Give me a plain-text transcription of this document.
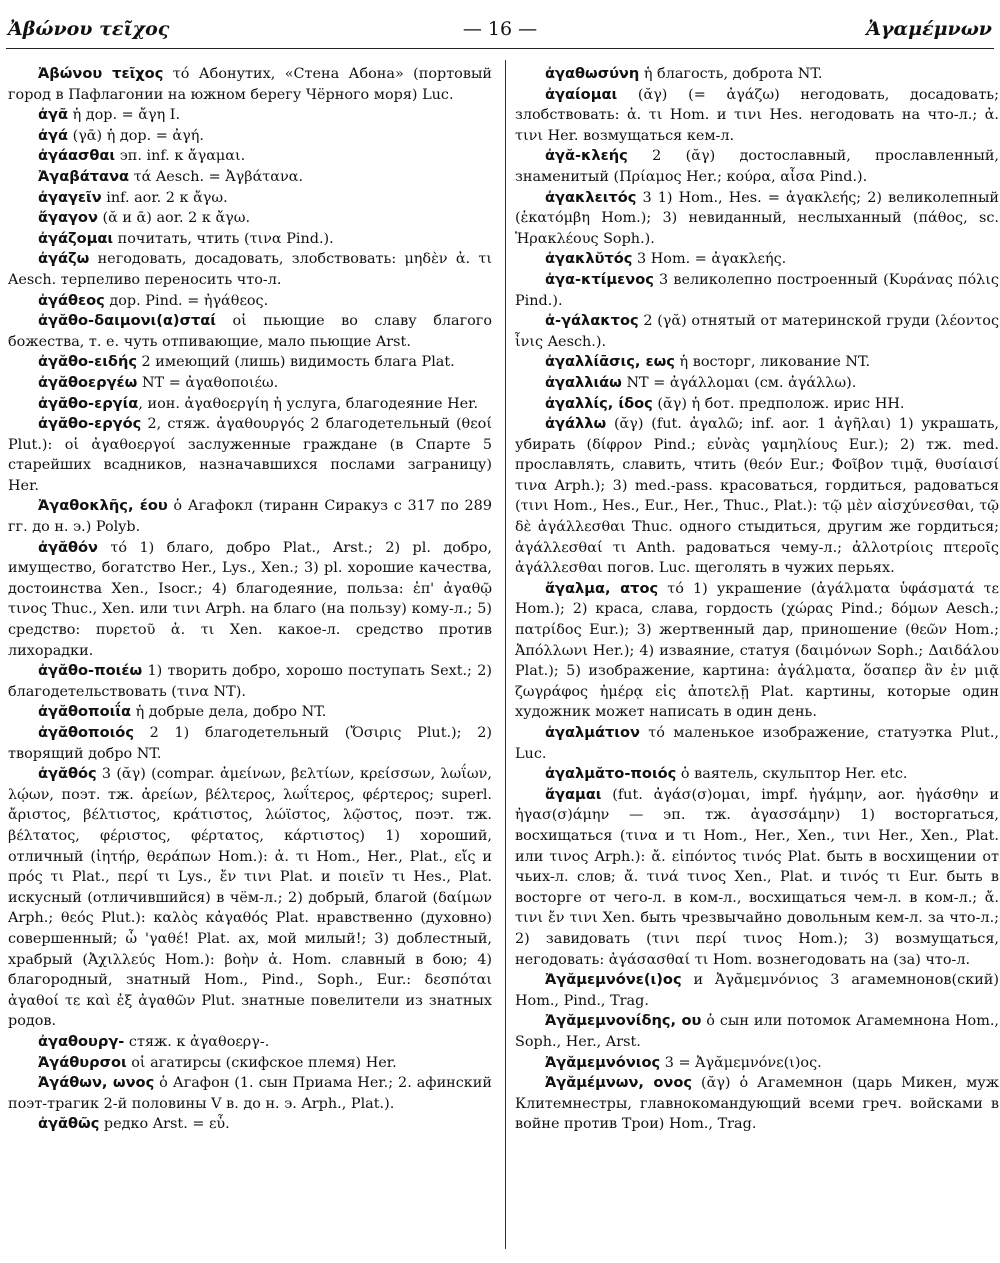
Ἀβώνου τεῖχος	— 16 —	Ἀγαμέμνων

Ἀβώνου τεῖχος τό Абонутих, «Стена Абона» (портовый город в Пафлагонии на южном берегу Чёрного моря) Luc.

ἀγᾶ ἡ дор. = ἄγη I.

ἀγά (γᾱ) ἡ дор. = ἀγή.

ἀγάασθαι эп. inf. к ἄγαμαι.

Ἀγαβάτανα τά Aesch. = Ἀγβάτανα.

ἀγαγεῖν inf. aor. 2 к ἄγω.

ἄγαγον (ᾰ и ᾱ) aor. 2 к ἄγω.

ἀγάζομαι почитать, чтить (τινα Pind.).

ἀγάζω негодовать, досадовать, злобствовать: μηδὲν ἀ. τι Aesch. терпеливо переносить что-л.

ἀγάθεος дор. Pind. = ἠγάθεος.

ἀγᾰθο-δαιμονι(α)σταί οἱ пьющие во славу благого божества, т. е. чуть отпивающие, мало пьющие Arst.

ἀγᾰθο-ειδής 2 имеющий (лишь) видимость блага Plat.

ἀγᾰθοεργέω NT = ἀγαθοποιέω.

ἀγᾰθο-εργία, ион. ἀγαθοεργίη ἡ услуга, благодеяние Her.

ἀγᾰθο-εργός 2, стяж. ἀγαθουργός 2 благодетельный (θεοί Plut.): οἱ ἀγαθοεργοί заслуженные граждане (в Спарте 5 старейших всадников, назначавшихся послами заграницу) Her.

Ἀγαθοκλῆς, έου ὁ Агафокл (тиранн Сиракуз с 317 по 289 гг. до н. э.) Polyb.

ἀγᾰθόν τό 1) благо, добро Plat., Arst.; 2) pl. добро, имущество, богатство Her., Lys., Xen.; 3) pl. хорошие качества, достоинства Xen., Isocr.; 4) благодеяние, польза: ἐπ' ἀγαθῷ τινος Thuc., Xen. или τινι Arph. на благо (на пользу) кому-л.; 5) средство: πυρετοῦ ἀ. τι Xen. какое-л. средство против лихорадки.

ἀγᾰθο-ποιέω 1) творить добро, хорошо поступать Sext.; 2) благодетельствовать (τινα NT).

ἀγᾰθοποιΐα ἡ добрые дела, добро NT.

ἀγᾰθοποιός 2 1) благодетельный (Ὄσιρις Plut.); 2) творящий добро NT.

ἀγᾰθός 3 (ᾰγ) (compar. ἀμείνων, βελτίων, κρείσσων, λωΐων, λῴων, поэт. тж. ἀρείων, βέλτερος, λωΐτερος, φέρτερος; superl. ἄριστος, βέλτιστος, κράτιστος, λώϊστος, λῷστος, поэт. тж. βέλτατος, φέριστος, φέρτατος, κάρτιστος) 1) хороший, отличный (ἰητήρ, θεράπων Hom.): ἀ. τι Hom., Her., Plat., εἴς и πρός τι Plat., περί τι Lys., ἔν τινι Plat. и ποιεῖν τι Hes., Plat. искусный (отличившийся) в чём-л.; 2) добрый, благой (δαίμων Arph.; θεός Plut.): καλὸς κἀγαθός Plat. нравственно (духовно) совершенный; ὦ 'γαθέ! Plat. ах, мой милый!; 3) доблестный, храбрый (Ἀχιλλεύς Hom.): βοὴν ἀ. Hom. славный в бою; 4) благородный, знатный Hom., Pind., Soph., Eur.: δεσπόται ἀγαθοί τε καὶ ἐξ ἀγαθῶν Plut. знатные повелители из знатных родов.

ἀγαθουργ- стяж. к ἀγαθοεργ-.

Ἀγάθυρσοι οἱ агатирсы (скифское племя) Her.

Ἀγάθων, ωνος ὁ Агафон (1. сын Приама Her.; 2. афинский поэт-трагик 2-й половины V в. до н. э. Arph., Plat.).

ἀγᾰθῶς редко Arst. = εὖ.

ἀγαθωσύνη ἡ благость, доброта NT.

ἀγαίομαι (ᾰγ) (= ἀγάζω) негодовать, досадовать; злобствовать: ἀ. τι Hom. и τινι Hes. негодовать на что-л.; ἀ. τινι Her. возмущаться кем-л.

ἀγᾰ-κλεής 2 (ᾰγ) достославный, прославленный, знаменитый (Πρίαμος Her.; κούρα, αἶσα Pind.).

ἀγακλειτός 3 1) Hom., Hes. = ἀγακλεής; 2) великолепный (ἑκατόμβη Hom.); 3) невиданный, неслыханный (πάθος, sc. Ἡρακλέους Soph.).

ἀγακλῠτός 3 Hom. = ἀγακλεής.

ἀγα-κτίμενος 3 великолепно построенный (Κυράνας πόλις Pind.).

ἀ-γάλακτος 2 (γᾰ) отнятый от материнской груди (λέοντος ἶνις Aesch.).

ἀγαλλίᾱσις, εως ἡ восторг, ликование NT.

ἀγαλλιάω NT = ἀγάλλομαι (см. ἀγάλλω).

ἀγαλλίς, ίδος (ᾰγ) ἡ бот. предполож. ирис HH.

ἀγάλλω (ᾰγ) (fut. ἀγαλῶ; inf. aor. 1 ἀγῆλαι) 1) украшать, убирать (δίφρον Pind.; εὐνὰς γαμηλίους Eur.); 2) тж. med. прославлять, славить, чтить (θεόν Eur.; Φοῖβον τιμᾷ, θυσίαισί τινα Arph.); 3) med.-pass. красоваться, гордиться, радоваться (τινι Hom., Hes., Eur., Her., Thuc., Plat.): τῷ μὲν αἰσχύνεσθαι, τῷ δὲ ἀγάλλεσθαι Thuc. одного стыдиться, другим же гордиться; ἀγάλλεσθαί τι Anth. радоваться чему-л.; ἀλλοτρίοις πτεροῖς ἀγάλλεσθαι погов. Luc. щеголять в чужих перьях.

ἄγαλμα, ατος τό 1) украшение (ἀγάλματα ὑφάσματά τε Hom.); 2) краса, слава, гордость (χώρας Pind.; δόμων Aesch.; πατρίδος Eur.); 3) жертвенный дар, приношение (θεῶν Hom.; Ἀπόλλωνι Her.); 4) изваяние, статуя (δαιμόνων Soph.; Δαιδάλου Plat.); 5) изображение, картина: ἀγάλματα, ὅσαπερ ἂν ἐν μιᾷ ζωγράφος ἡμέρᾳ εἰς ἀποτελῇ Plat. картины, которые один художник может написать в один день.

ἀγαλμάτιον τό маленькое изображение, статуэтка Plut., Luc.

ἀγαλμᾰτο-ποιός ὁ ваятель, скульптор Her. etc.

ἄγαμαι (fut. ἀγάσ(σ)ομαι, impf. ἠγάμην, aor. ἠγάσθην и ἠγασ(σ)άμην — эп. тж. ἀγασσάμην) 1) восторгаться, восхищаться (τινα и τι Hom., Her., Xen., τινι Her., Xen., Plat. или τινος Arph.): ἄ. εἰπόντος τινός Plat. быть в восхищении от чьих-л. слов; ἄ. τινά τινος Xen., Plat. и τινός τι Eur. быть в восторге от чего-л. в ком-л., восхищаться чем-л. в ком-л.; ἄ. τινι ἔν τινι Xen. быть чрезвычайно довольным кем-л. за что-л.; 2) завидовать (τινι περί τινος Hom.); 3) возмущаться, негодовать: ἀγάσασθαί τι Hom. вознегодовать на (за) что-л.

Ἀγᾰμεμνόνε(ι)ος и Ἀγᾰμεμνόνιος 3 агамемнонов(ский) Hom., Pind., Trag.

Ἀγᾰμεμνονίδης, ου ὁ сын или потомок Агамемнона Hom., Soph., Her., Arst.

Ἀγᾰμεμνόνιος 3 = Ἀγᾰμεμνόνε(ι)ος.

Ἀγᾰμέμνων, ονος (ᾰγ) ὁ Агамемнон (царь Микен, муж Клитемнестры, главнокомандующий всеми греч. войсками в войне против Трои) Hom., Trag.
